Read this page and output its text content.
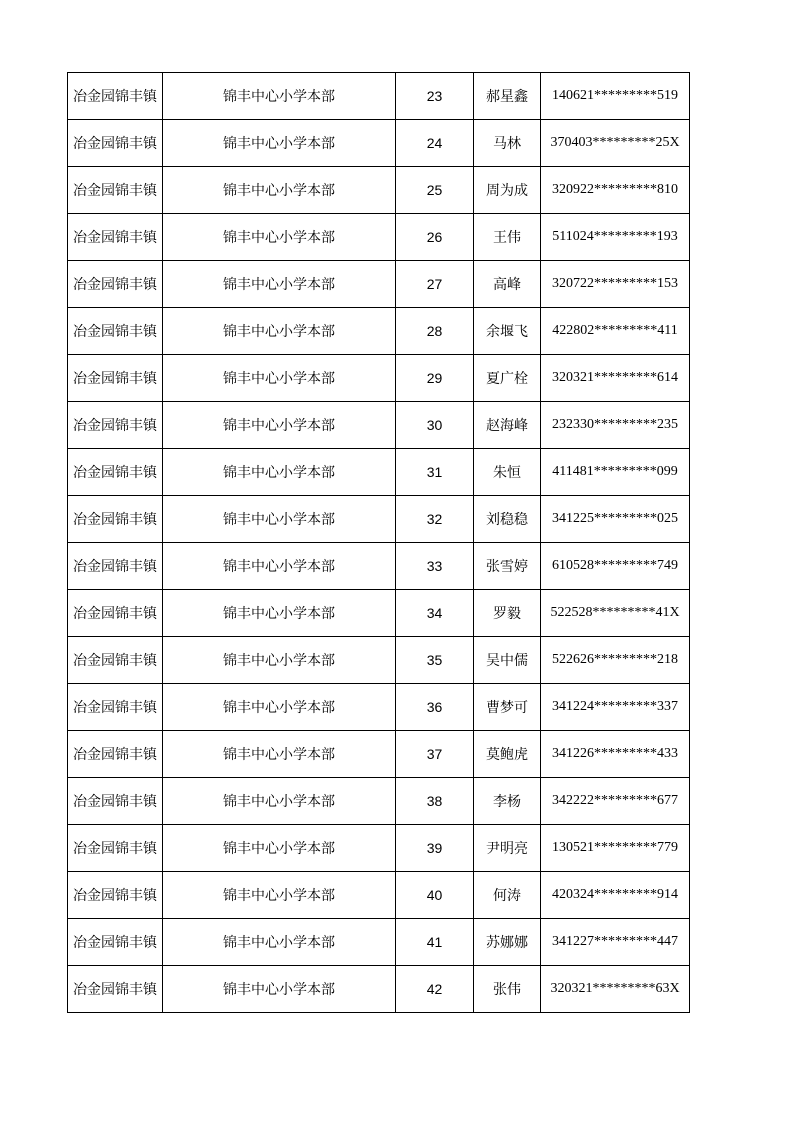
冶金园锦丰镇	锦丰中心小学本部	23	郝星鑫	140621*********519
冶金园锦丰镇	锦丰中心小学本部	24	马林	370403*********25X
冶金园锦丰镇	锦丰中心小学本部	25	周为成	320922*********810
冶金园锦丰镇	锦丰中心小学本部	26	王伟	511024*********193
冶金园锦丰镇	锦丰中心小学本部	27	高峰	320722*********153
冶金园锦丰镇	锦丰中心小学本部	28	余堰飞	422802*********411
冶金园锦丰镇	锦丰中心小学本部	29	夏广栓	320321*********614
冶金园锦丰镇	锦丰中心小学本部	30	赵海峰	232330*********235
冶金园锦丰镇	锦丰中心小学本部	31	朱恒	411481*********099
冶金园锦丰镇	锦丰中心小学本部	32	刘稳稳	341225*********025
冶金园锦丰镇	锦丰中心小学本部	33	张雪婷	610528*********749
冶金园锦丰镇	锦丰中心小学本部	34	罗毅	522528*********41X
冶金园锦丰镇	锦丰中心小学本部	35	吴中儒	522626*********218
冶金园锦丰镇	锦丰中心小学本部	36	曹梦可	341224*********337
冶金园锦丰镇	锦丰中心小学本部	37	莫鲍虎	341226*********433
冶金园锦丰镇	锦丰中心小学本部	38	李杨	342222*********677
冶金园锦丰镇	锦丰中心小学本部	39	尹明亮	130521*********779
冶金园锦丰镇	锦丰中心小学本部	40	何涛	420324*********914
冶金园锦丰镇	锦丰中心小学本部	41	苏娜娜	341227*********447
冶金园锦丰镇	锦丰中心小学本部	42	张伟	320321*********63X
